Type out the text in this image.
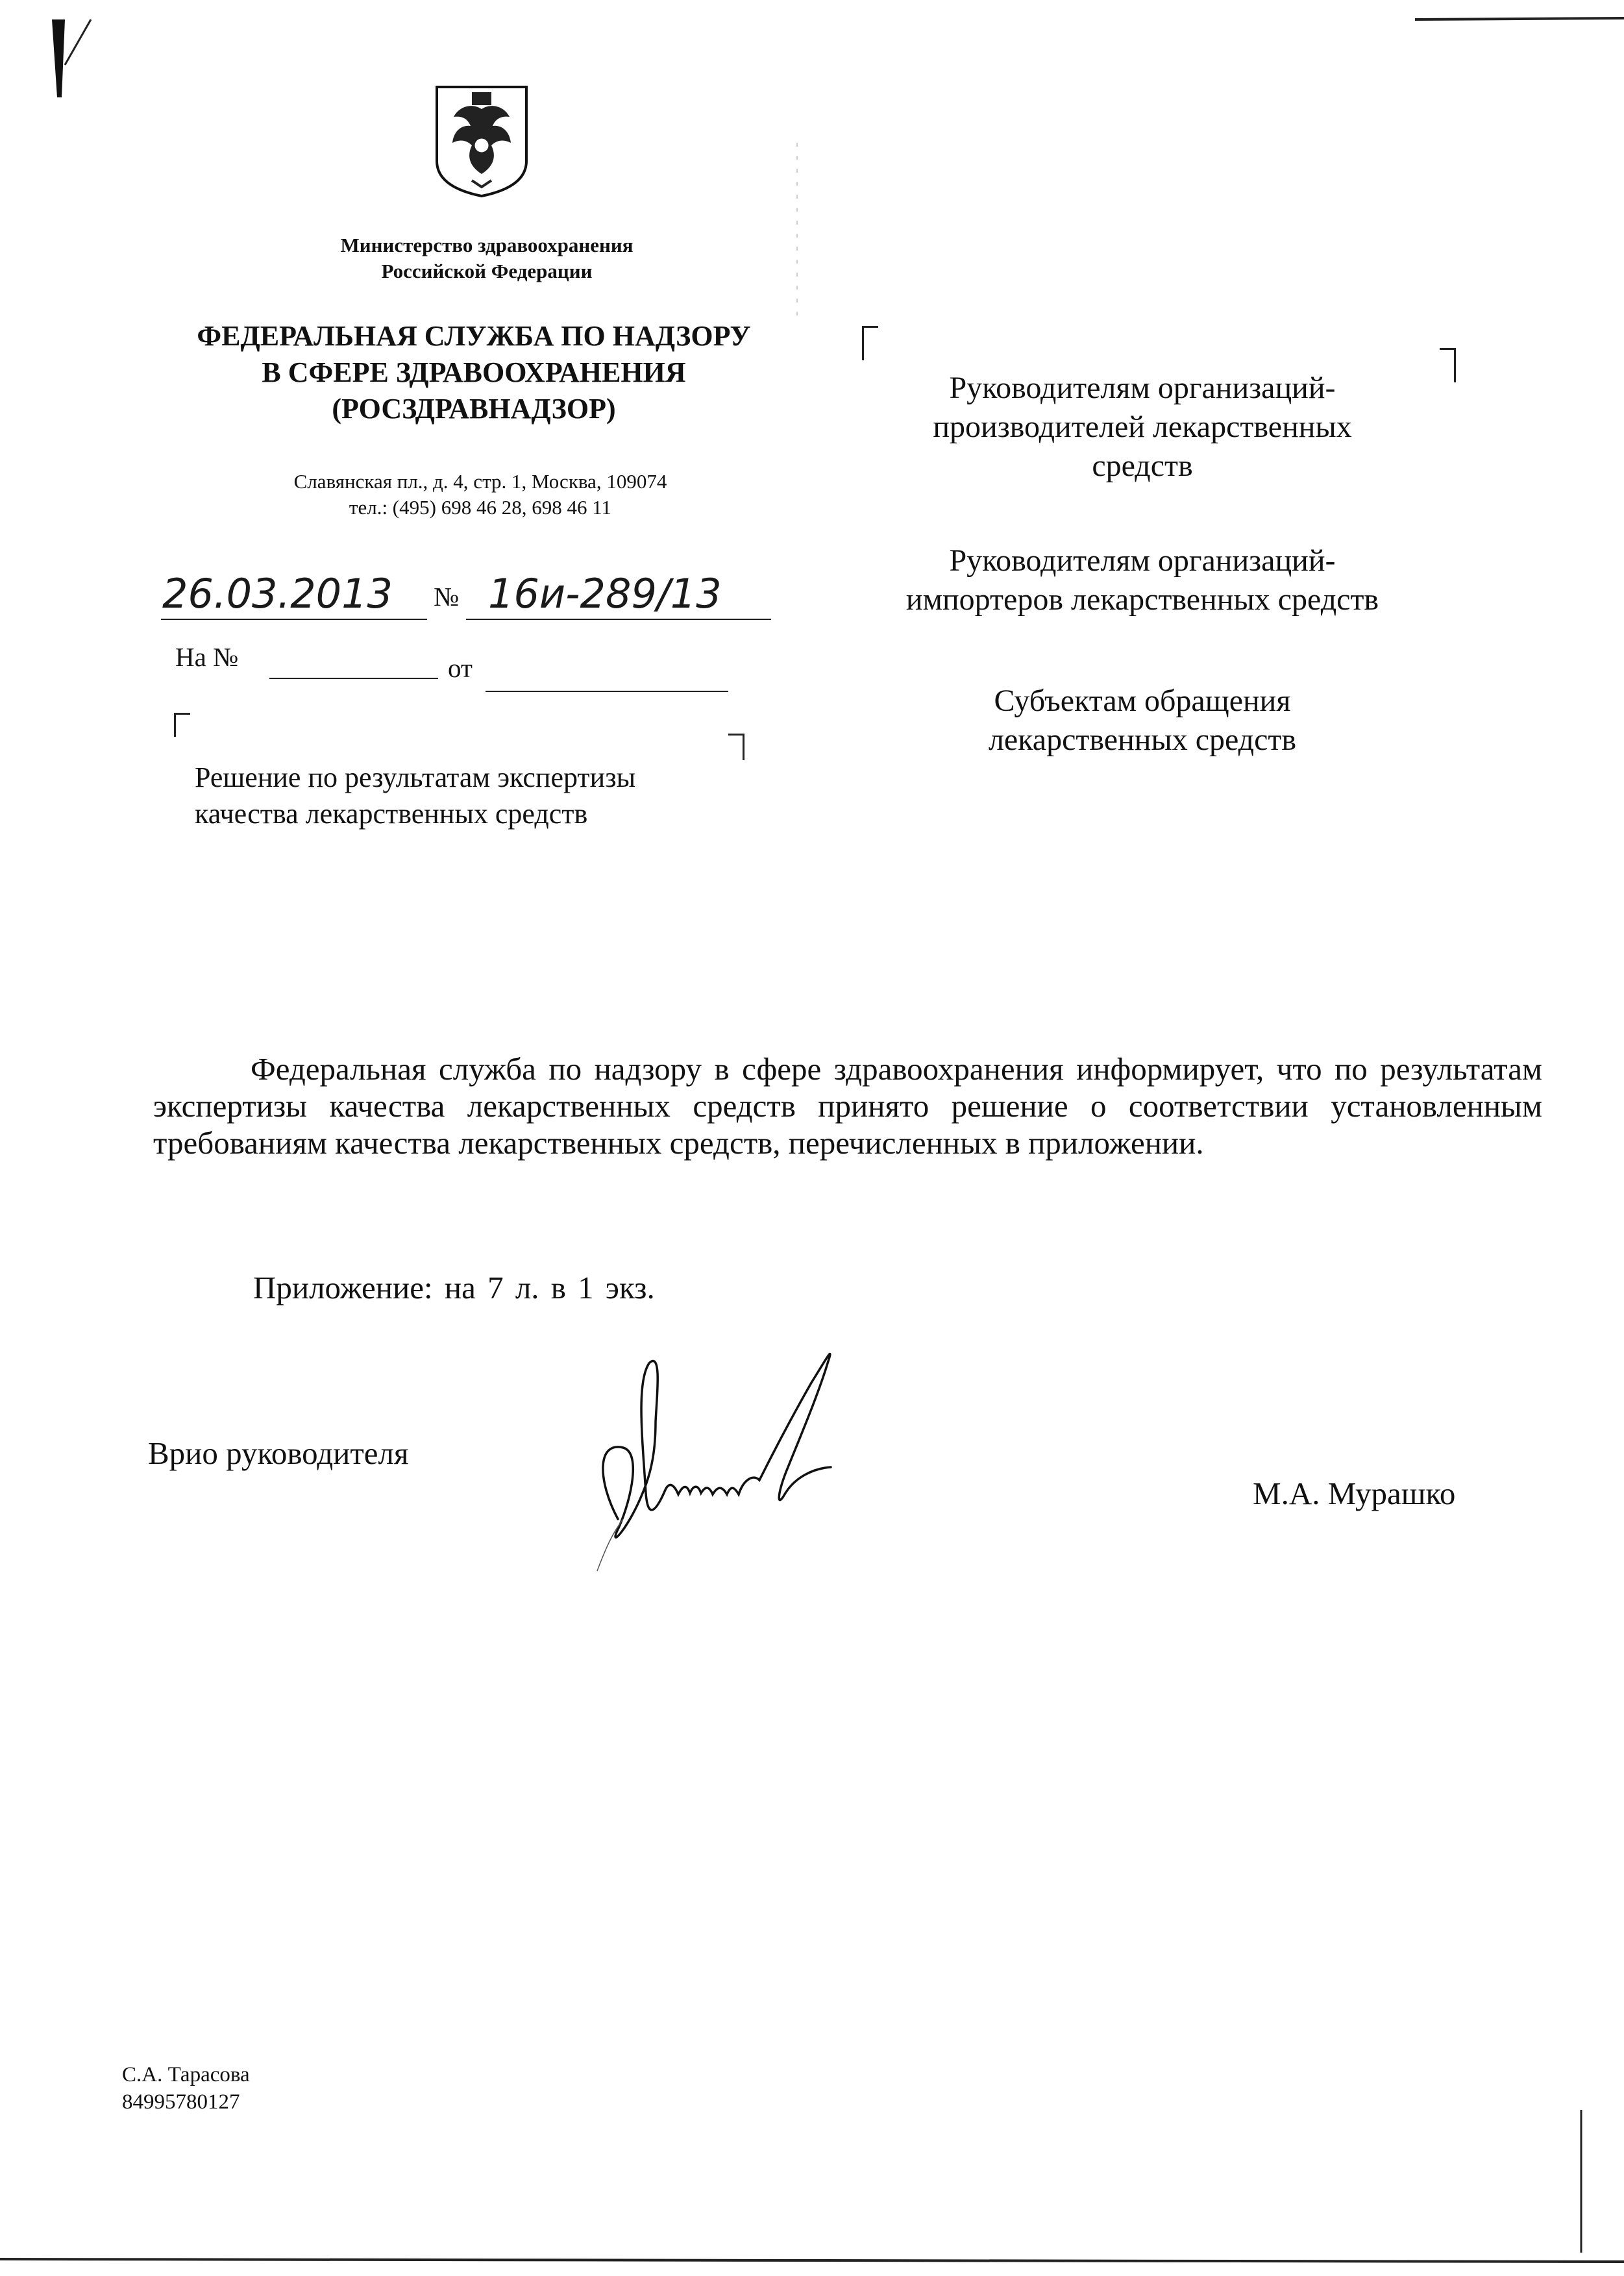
Министерство здравоохранения
Российской Федерации
ФЕДЕРАЛЬНАЯ СЛУЖБА ПО НАДЗОРУ
В СФЕРЕ ЗДРАВООХРАНЕНИЯ
(РОСЗДРАВНАДЗОР)
Славянская пл., д. 4, стр. 1, Москва, 109074
тел.: (495) 698 46 28, 698 46 11
26.03.2013 № 16и-289/13
На №	от
Решение по результатам экспертизы
качества лекарственных средств
Руководителям организаций-
производителей лекарственных
средств
Руководителям организаций-
импортеров лекарственных средств
Субъектам обращения
лекарственных средств
Федеральная служба по надзору в сфере здравоохранения информирует, что по результатам экспертизы качества лекарственных средств принято решение о соответствии установленным требованиям качества лекарственных средств, перечисленных в приложении.
Приложение: на 7 л. в 1 экз.
Врио руководителя
М.А. Мурашко
С.А. Тарасова
84995780127
